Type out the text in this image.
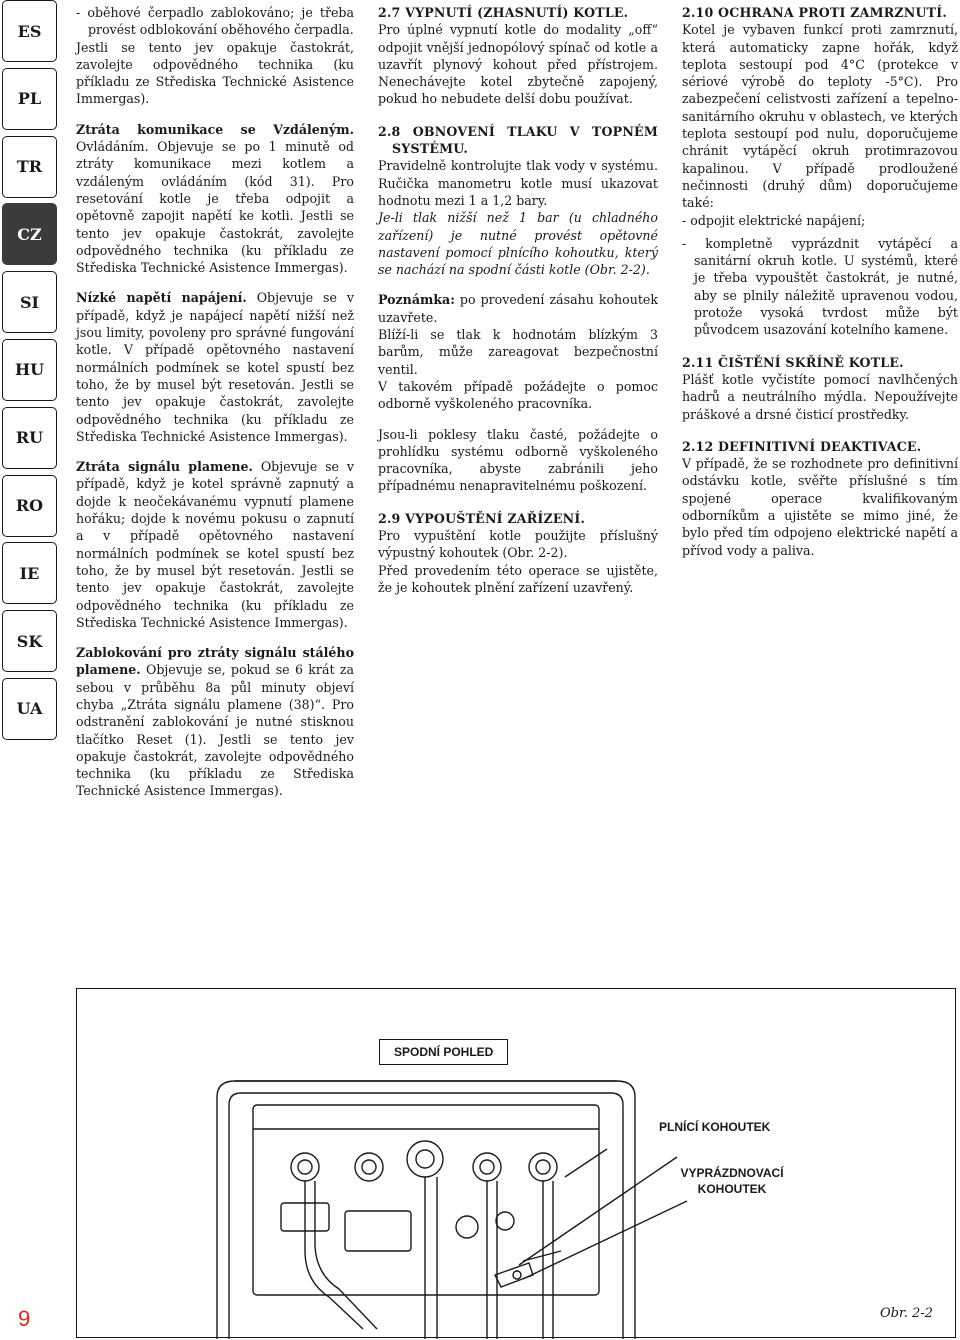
ES
PL
TR
CZ
SI
HU
RU
RO
IE
SK
UA

- oběhové čerpadlo zablokováno; je třeba provést odblokování oběhového čerpadla.

Jestli se tento jev opakuje častokrát, zavolejte odpovědného technika (ku příkladu ze Střediska Technické Asistence Immergas).

Ztráta komunikace se Vzdáleným. Ovládáním. Objevuje se po 1 minutě od ztráty komunikace mezi kotlem a vzdáleným ovládáním (kód 31). Pro resetování kotle je třeba odpojit a opětovně zapojit napětí ke kotli. Jestli se tento jev opakuje častokrát, zavolejte odpovědného technika (ku příkladu ze Střediska Technické Asistence Immergas).

Nízké napětí napájení. Objevuje se v případě, když je napájecí napětí nižší než jsou limity, povoleny pro správné fungování kotle. V případě opětovného nastavení normálních podmínek se kotel spustí bez toho, že by musel být resetován. Jestli se tento jev opakuje častokrát, zavolejte odpovědného technika (ku příkladu ze Střediska Technické Asistence Immergas).

Ztráta signálu plamene. Objevuje se v případě, když je kotel správně zapnutý a dojde k neočekávanému vypnutí plamene hořáku; dojde k novému pokusu o zapnutí a v případě opětovného nastavení normálních podmínek se kotel spustí bez toho, že by musel být resetován. Jestli se tento jev opakuje častokrát, zavolejte odpovědného technika (ku příkladu ze Střediska Technické Asistence Immergas).

Zablokování pro ztráty signálu stálého plamene. Objevuje se, pokud se 6 krát za sebou v průběhu 8a půl minuty objeví chyba „Ztráta signálu plamene (38)“. Pro odstranění zablokování je nutné stisknou tlačítko Reset (1). Jestli se tento jev opakuje častokrát, zavolejte odpovědného technika (ku příkladu ze Střediska Technické Asistence Immergas).

2.7 VYPNUTÍ (ZHASNUTÍ) KOTLE.

Pro úplné vypnutí kotle do modality „off“ odpojit vnější jednopólový spínač od kotle a uzavřít plynový kohout před přístrojem. Nenechávejte kotel zbytečně zapojený, pokud ho nebudete delší dobu používat.

2.8 OBNOVENÍ TLAKU V TOPNÉM SYSTÉMU.

Pravidelně kontrolujte tlak vody v systému. Ručička manometru kotle musí ukazovat hodnotu mezi 1 a 1,2 bary.

Je-li tlak nižší než 1 bar (u chladného zařízení) je nutné provést opětovné nastavení pomocí plnícího kohoutku, který se nachází na spodní části kotle (Obr. 2-2).

Poznámka: po provedení zásahu kohoutek uzavřete.

Blíží-li se tlak k hodnotám blízkým 3 barům, může zareagovat bezpečnostní ventil.

V takovém případě požádejte o pomoc odborně vyškoleného pracovníka.

Jsou-li poklesy tlaku časté, požádejte o prohlídku systému odborně vyškoleného pracovníka, abyste zabránili jeho případnému nenapravitelnému poškození.

2.9 VYPOUŠTĚNÍ ZAŘÍZENÍ.

Pro vypuštění kotle použijte příslušný výpustný kohoutek (Obr. 2-2).

Před provedením této operace se ujistěte, že je kohoutek plnění zařízení uzavřený.

2.10 OCHRANA PROTI ZAMRZNUTÍ.

Kotel je vybaven funkcí proti zamrznutí, která automaticky zapne hořák, když teplota sestoupí pod 4°C (protekce v sériové výrobě do teploty -5°C). Pro zabezpečení celistvosti zařízení a tepelno-sanitárního okruhu v oblastech, ve kterých teplota sestoupí pod nulu, doporučujeme chránit vytápěcí okruh protimrazovou kapalinou. V případě prodloužené nečinnosti (druhý dům) doporučujeme také:

- odpojit elektrické napájení;

- kompletně vyprázdnit vytápěcí a sanitární okruh kotle. U systémů, které je třeba vypouštět častokrát, je nutné, aby se plnily náležitě upravenou vodou, protože vysoká tvrdost může být původcem usazování kotelního kamene.

2.11 ČIŠTĚNÍ SKŘÍNĚ KOTLE.

Plášť kotle vyčistíte pomocí navlhčených hadrů a neutrálního mýdla. Nepoužívejte práškové a drsné čisticí prostředky.

2.12 DEFINITIVNÍ DEAKTIVACE.

V případě, že se rozhodnete pro definitivní odstávku kotle, svěřte příslušné s tím spojené operace kvalifikovaným odborníkům a ujistěte se mimo jiné, že bylo před tím odpojeno elektrické napětí a přívod vody a paliva.

SPODNÍ POHLED
PLNÍCÍ KOHOUTEK
VYPRÁZDNOVACÍ
KOHOUTEK
9	Obr. 2-2
